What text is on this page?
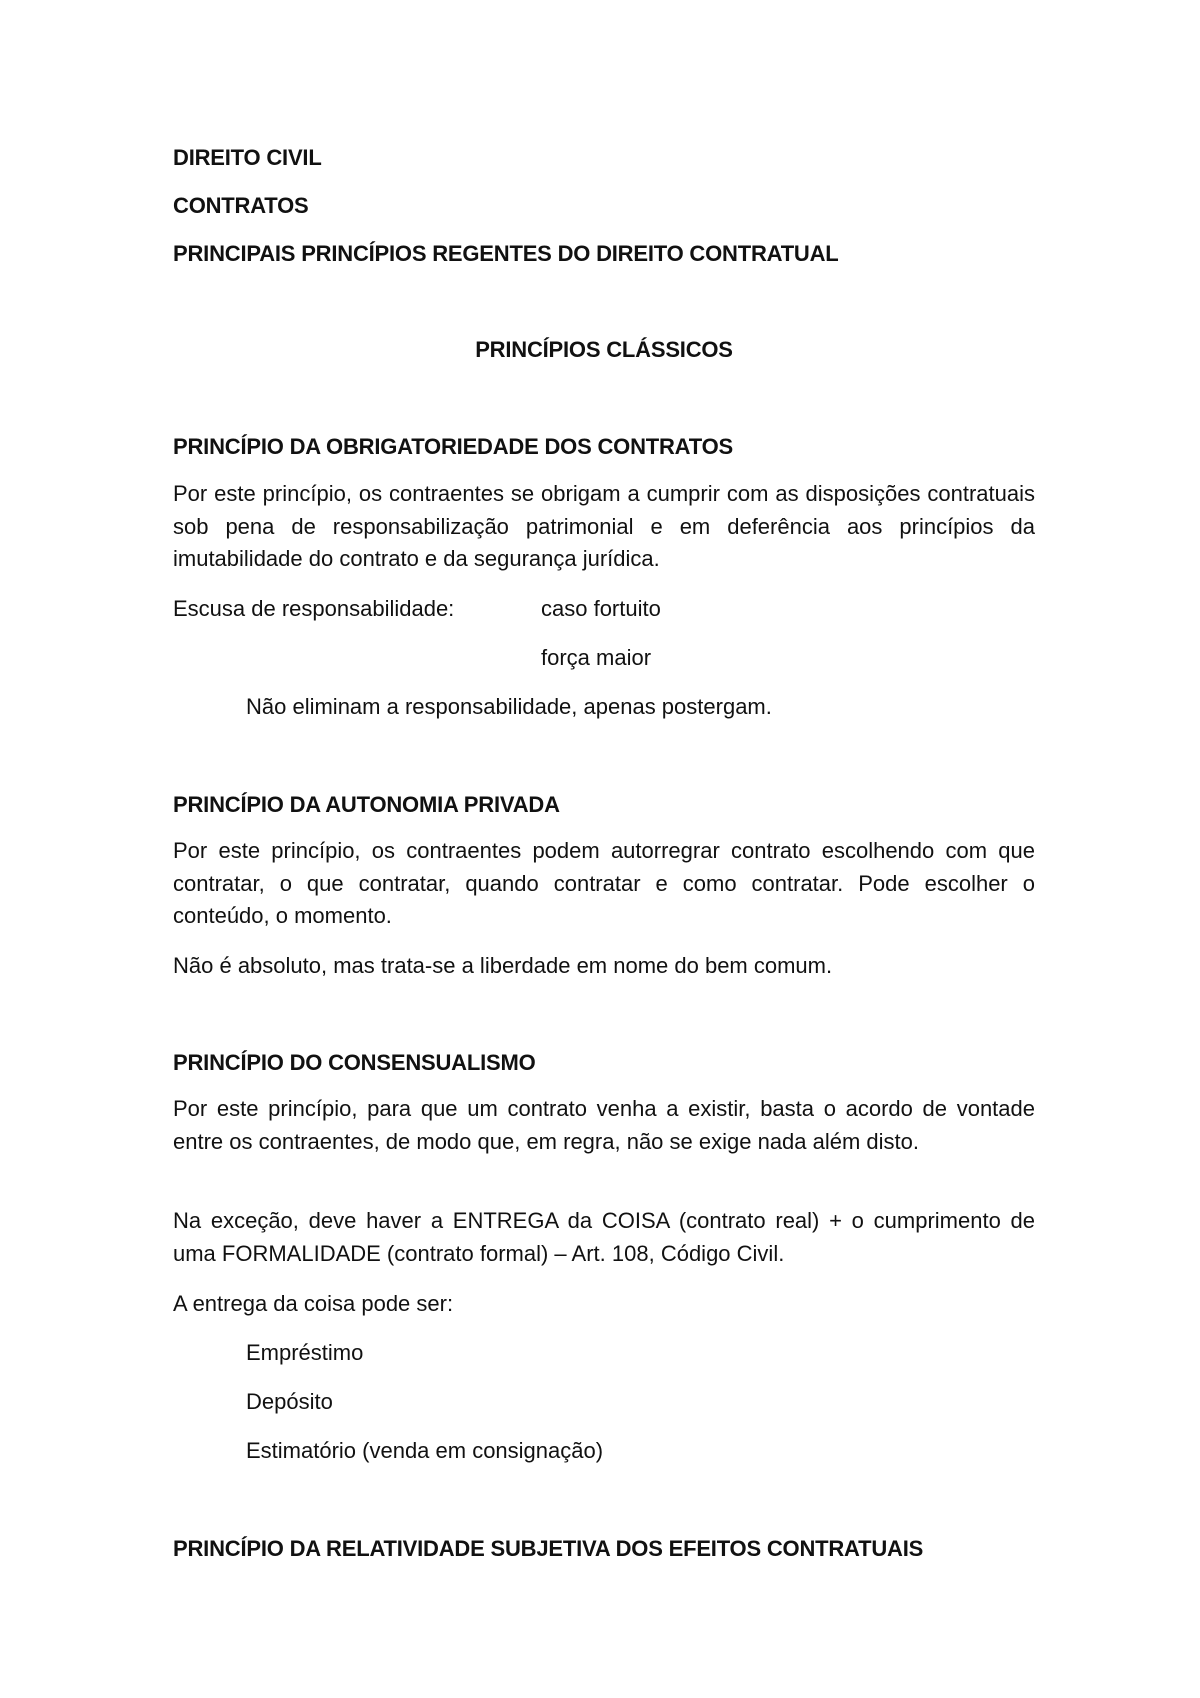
DIREITO CIVIL
CONTRATOS
PRINCIPAIS PRINCÍPIOS REGENTES DO DIREITO CONTRATUAL
PRINCÍPIOS CLÁSSICOS
PRINCÍPIO DA OBRIGATORIEDADE DOS CONTRATOS
Por este princípio, os contraentes se obrigam a cumprir com as disposições contratuais sob pena de responsabilização patrimonial e em deferência aos princípios da imutabilidade do contrato e da segurança jurídica.
Escusa de responsabilidade:	caso fortuito
força maior
Não eliminam a responsabilidade, apenas postergam.
PRINCÍPIO DA AUTONOMIA PRIVADA
Por este princípio, os contraentes podem autorregrar contrato escolhendo com que contratar, o que contratar, quando contratar e como contratar. Pode escolher o conteúdo, o momento.
Não é absoluto, mas trata-se a liberdade em nome do bem comum.
PRINCÍPIO DO CONSENSUALISMO
Por este princípio, para que um contrato venha a existir, basta o acordo de vontade entre os contraentes, de modo que, em regra, não se exige nada além disto.
Na exceção, deve haver a ENTREGA da COISA (contrato real) + o cumprimento de uma FORMALIDADE (contrato formal) – Art. 108, Código Civil.
A entrega da coisa pode ser:
Empréstimo
Depósito
Estimatório (venda em consignação)
PRINCÍPIO DA RELATIVIDADE SUBJETIVA DOS EFEITOS CONTRATUAIS
